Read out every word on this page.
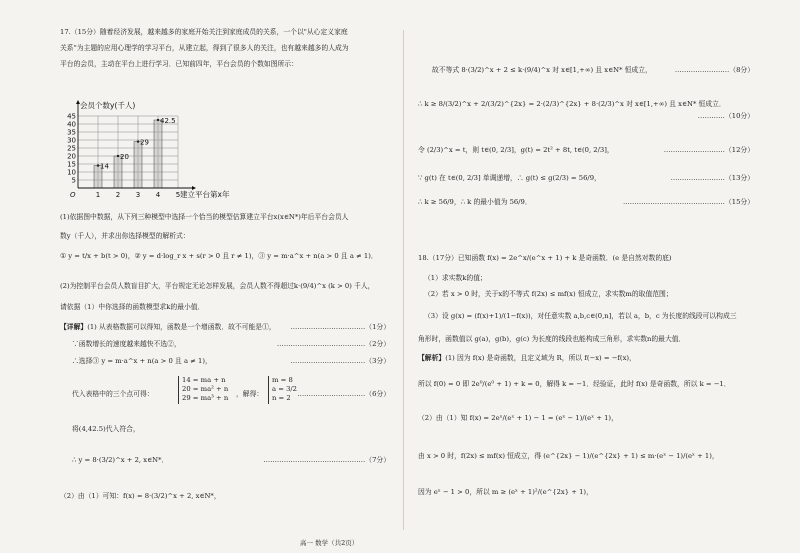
17.（15分）随着经济发展，越来越多的家庭开始关注到家庭成员的关系，一个以"从心定义家庭
关系"为主题的应用心理学的学习平台，从建立起，得到了很多人的关注，也有越来越多的人成为
平台的会员，主动在平台上进行学习．已知前四年，平台会员的个数如图所示：
14
20
29
42.5
5
10
15
20
25
30
35
40
45
1 2 3 4 5
O
会员个数y(千人)
建立平台第x年
(1)依据图中数据，从下列三种模型中选择一个恰当的模型估算建立平台x(x∈N*)年后平台会员人
数y（千人），并求出你选择模型的解析式：
① y = t/x + b(t > 0)，② y = d·log_r x + s(r > 0 且 r ≠ 1)，③ y = m·a^x + n(a > 0 且 a ≠ 1)．
(2)为控制平台会员人数盲目扩大，平台规定无论怎样发展，会员人数不得超过k·(9/4)^x (k > 0) 千人，
请依据（1）中你选择的函数模型求k的最小值．
【详解】(1) 从表格数据可以得知，函数是一个增函数．故不可能是①， ……………………………（1分）
∵函数增长的速度越来越快不选②，	…………………………………（2分）
∴选择③ y = m·a^x + n(a > 0 且 a ≠ 1)，	……………………………（3分）
代入表格中的三个点可得：
14 = ma + n
20 = ma² + n
29 = ma³ + n
，解得：
m = 8
a = 3/2
n = 2
…………………………（6分）
将(4,42.5)代入符合，
∴ y = 8·(3/2)^x + 2, x∈N*．	………………………………………（7分）
（2）由（1）可知：f(x) = 8·(3/2)^x + 2, x∈N*，
故不等式 8·(3/2)^x + 2 ≤ k·(9/4)^x 对 x∈[1,+∞) 且 x∈N* 恒成立，	……………………（8分）
∴ k ≥ 8/(3/2)^x + 2/(3/2)^{2x} = 2·(2/3)^{2x} + 8·(2/3)^x 对 x∈[1,+∞) 且 x∈N* 恒成立．
…………（10分）
令 (2/3)^x = t，则 t∈(0, 2/3]，g(t) = 2t² + 8t, t∈(0, 2/3]，	………………………（12分）
∵ g(t) 在 t∈(0, 2/3] 单调递增，∴ g(t) ≤ g(2/3) = 56/9，	……………………（13分）
∴ k ≥ 56/9，∴ k 的最小值为 56/9．	………………………………………（15分）
18.（17分）已知函数 f(x) = 2e^x/(e^x + 1) + k 是奇函数．(e 是自然对数的底)
（1）求实数k的值；
（2）若 x > 0 时，关于x的不等式 f(2x) ≤ mf(x) 恒成立，求实数m的取值范围；
（3）设 g(x) = (f(x)+1)/(1−f(x))，对任意实数 a,b,c∈(0,n]，若以 a，b，c 为长度的线段可以构成三
角形时，函数值以 g(a)，g(b)，g(c) 为长度的线段也能构成三角形，求实数n的最大值．
【解析】(1) 因为 f(x) 是奇函数，且定义域为 R，所以 f(−x) = −f(x)，
所以 f(0) = 0 即 2e⁰/(e⁰ + 1) + k = 0，解得 k = −1．经验证，此时 f(x) 是奇函数，所以 k = −1．
（2）由（1）知 f(x) = 2eˣ/(eˣ + 1) − 1 = (eˣ − 1)/(eˣ + 1)，
由 x > 0 时，f(2x) ≤ mf(x) 恒成立，得 (e^{2x} − 1)/(e^{2x} + 1) ≤ m·(eˣ − 1)/(eˣ + 1)，
因为 eˣ − 1 > 0，所以 m ≥ (eˣ + 1)²/(e^{2x} + 1)，
高一 数学（共2页）
